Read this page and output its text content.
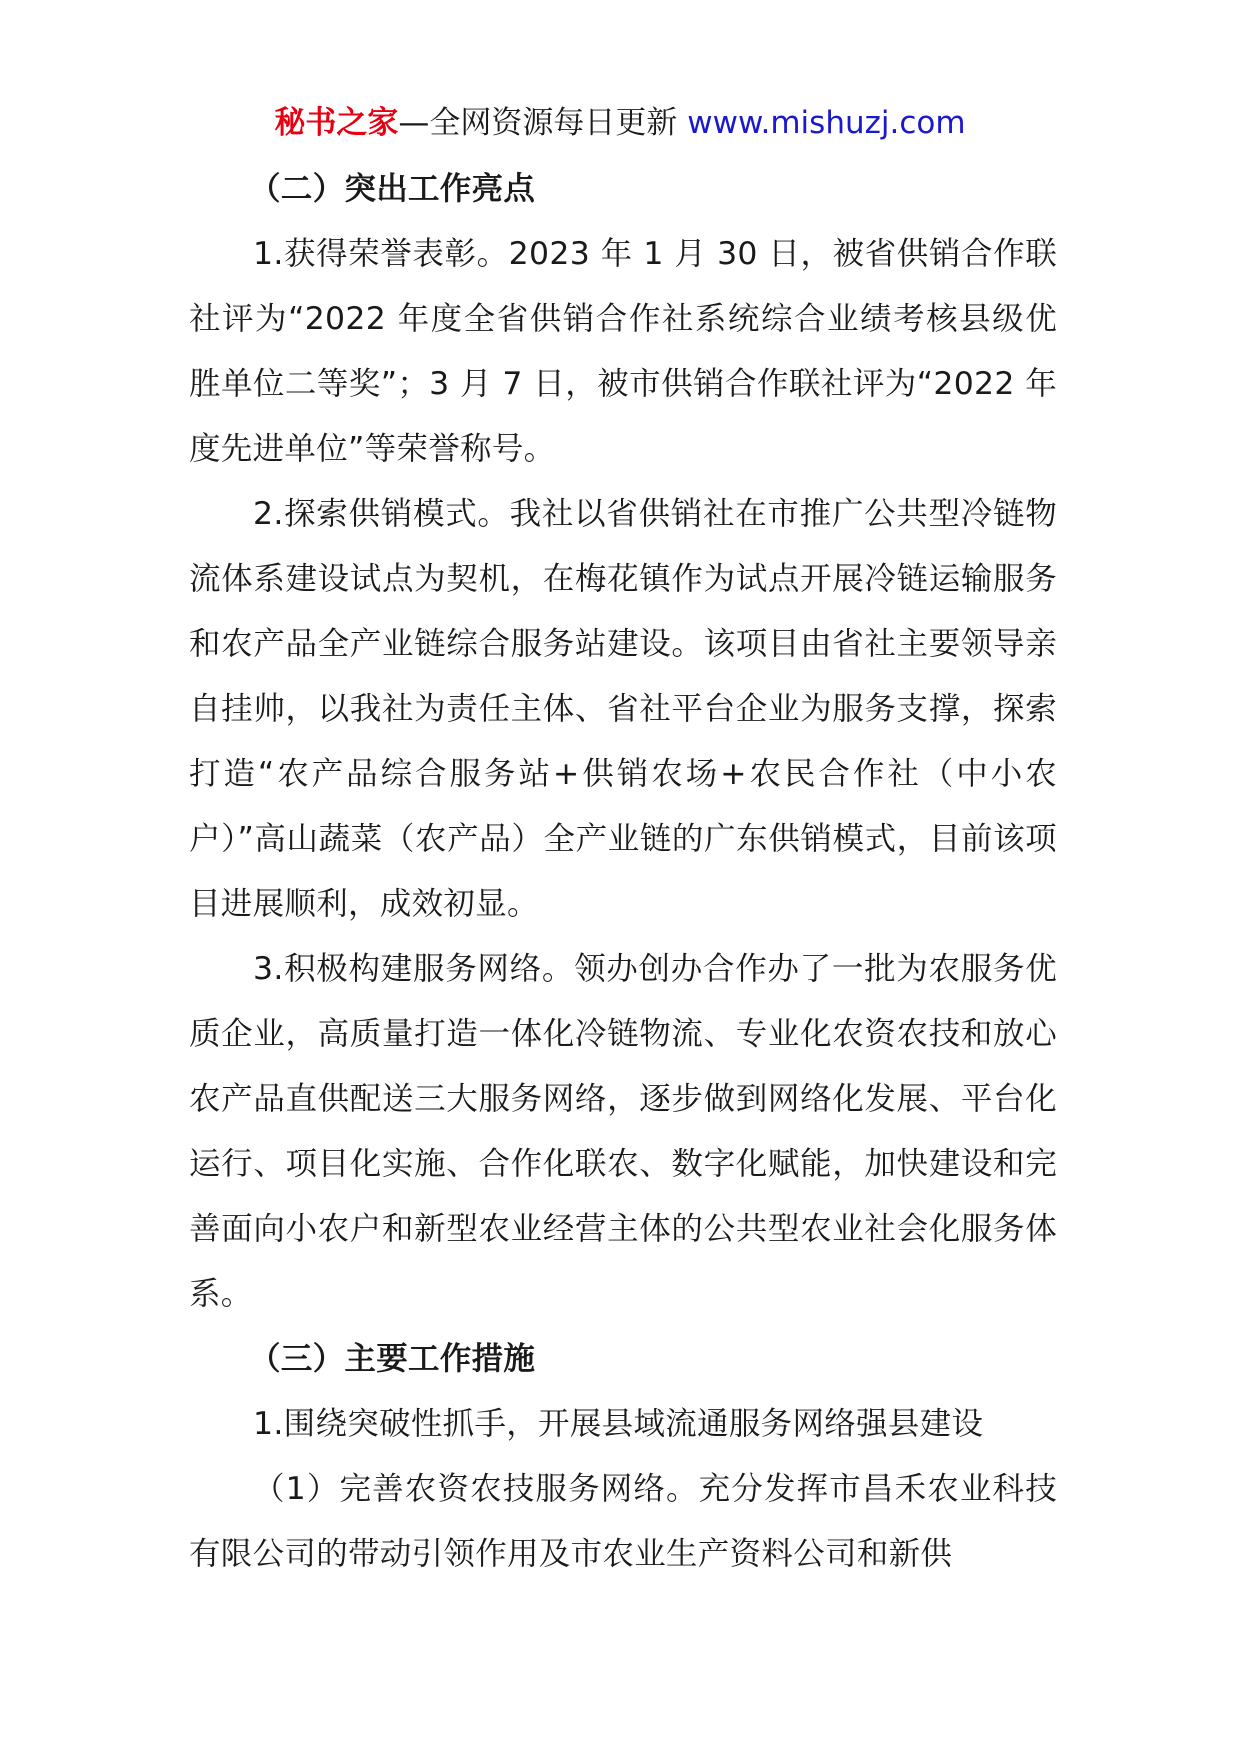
秘书之家—全网资源每日更新 www.mishuzj.com

（二）突出工作亮点

1.获得荣誉表彰。2023 年 1 月 30 日，被省供销合作联社评为“2022 年度全省供销合作社系统综合业绩考核县级优胜单位二等奖”；3 月 7 日，被市供销合作联社评为“2022 年度先进单位”等荣誉称号。

2.探索供销模式。我社以省供销社在市推广公共型冷链物流体系建设试点为契机，在梅花镇作为试点开展冷链运输服务和农产品全产业链综合服务站建设。该项目由省社主要领导亲自挂帅，以我社为责任主体、省社平台企业为服务支撑，探索打造“农产品综合服务站+供销农场+农民合作社（中小农户）”高山蔬菜（农产品）全产业链的广东供销模式，目前该项目进展顺利，成效初显。

3.积极构建服务网络。领办创办合作办了一批为农服务优质企业，高质量打造一体化冷链物流、专业化农资农技和放心农产品直供配送三大服务网络，逐步做到网络化发展、平台化运行、项目化实施、合作化联农、数字化赋能，加快建设和完善面向小农户和新型农业经营主体的公共型农业社会化服务体系。

（三）主要工作措施

1.围绕突破性抓手，开展县域流通服务网络强县建设

（1）完善农资农技服务网络。充分发挥市昌禾农业科技有限公司的带动引领作用及市农业生产资料公司和新供
